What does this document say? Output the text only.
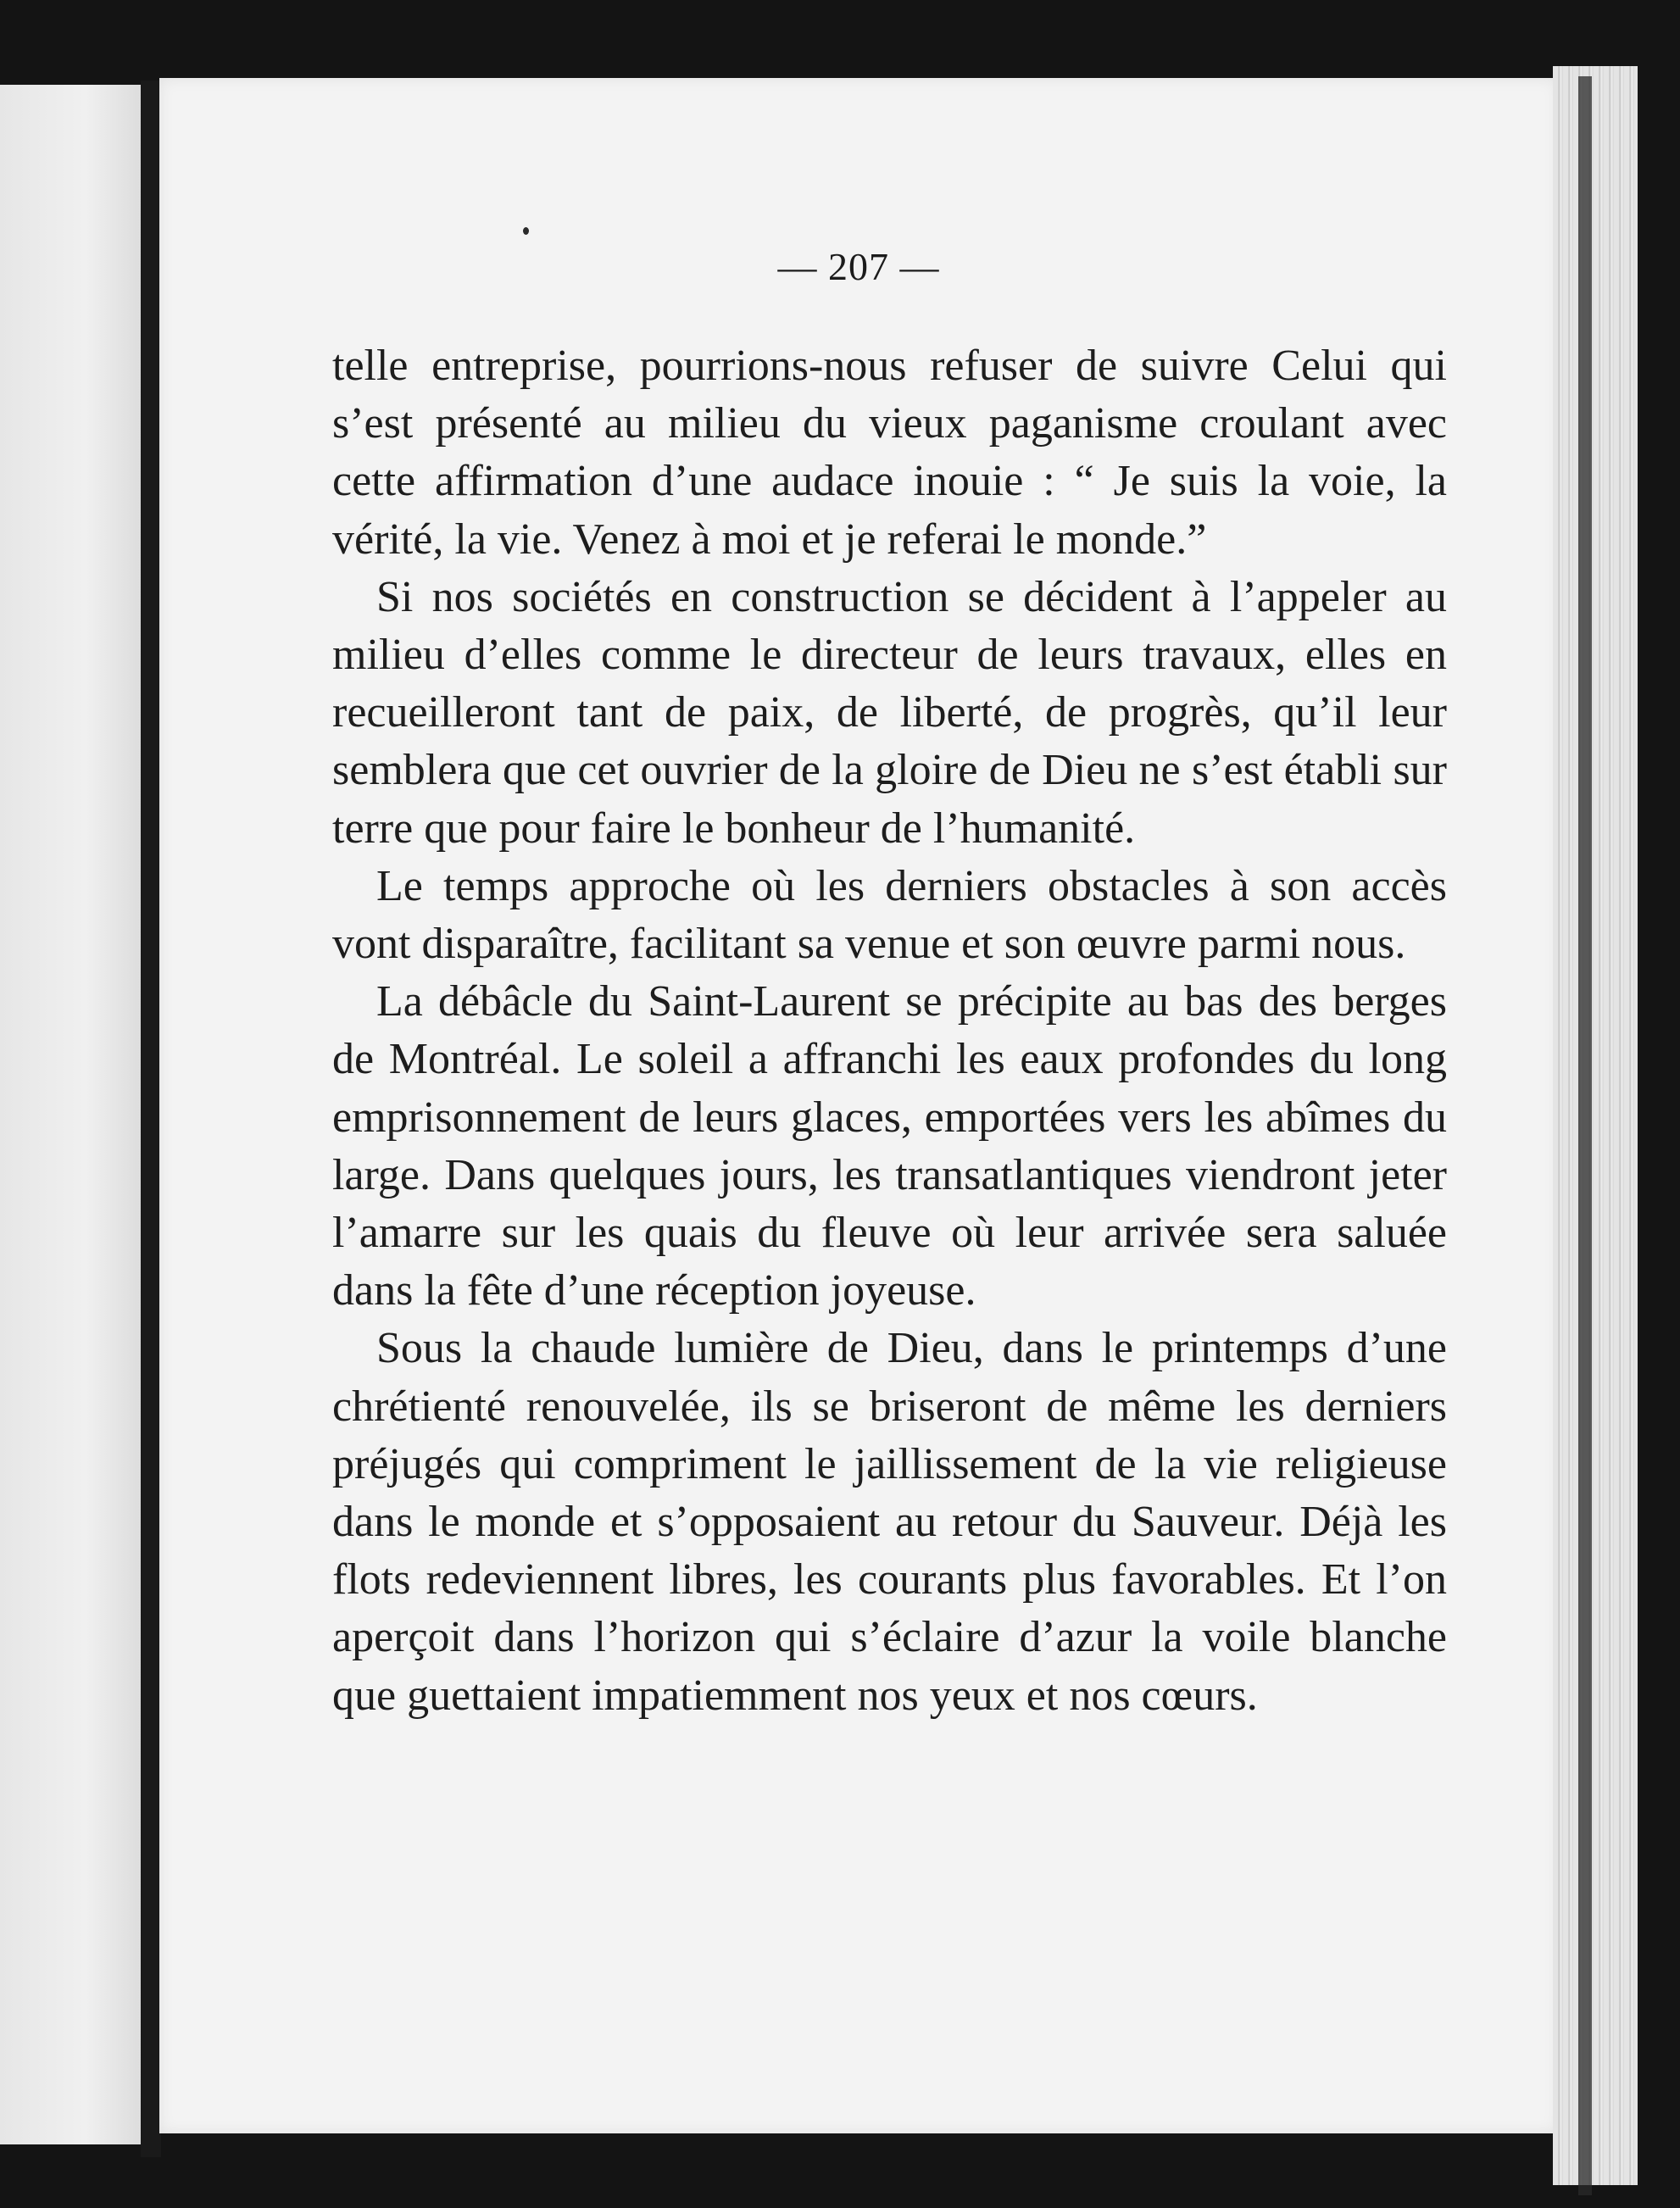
— 207 —

telle entreprise, pourrions-nous refuser de suivre Celui qui s’est présenté au milieu du vieux paganisme croulant avec cette affirmation d’une audace inouie : “ Je suis la voie, la vérité, la vie. Venez à moi et je referai le monde.”

Si nos sociétés en construction se décident à l’appeler au milieu d’elles comme le directeur de leurs travaux, elles en recueilleront tant de paix, de liberté, de progrès, qu’il leur semblera que cet ouvrier de la gloire de Dieu ne s’est établi sur terre que pour faire le bonheur de l’humanité.

Le temps approche où les derniers obstacles à son accès vont disparaître, facilitant sa venue et son œuvre parmi nous.

La débâcle du Saint-Laurent se précipite au bas des berges de Montréal. Le soleil a affranchi les eaux profondes du long emprisonnement de leurs glaces, emportées vers les abîmes du large. Dans quelques jours, les transatlantiques viendront jeter l’amarre sur les quais du fleuve où leur arrivée sera saluée dans la fête d’une réception joyeuse.

Sous la chaude lumière de Dieu, dans le printemps d’une chrétienté renouvelée, ils se briseront de même les derniers préjugés qui compriment le jaillissement de la vie religieuse dans le monde et s’opposaient au retour du Sauveur. Déjà les flots redeviennent libres, les courants plus favorables. Et l’on aperçoit dans l’horizon qui s’éclaire d’azur la voile blanche que guettaient impatiemment nos yeux et nos cœurs.
